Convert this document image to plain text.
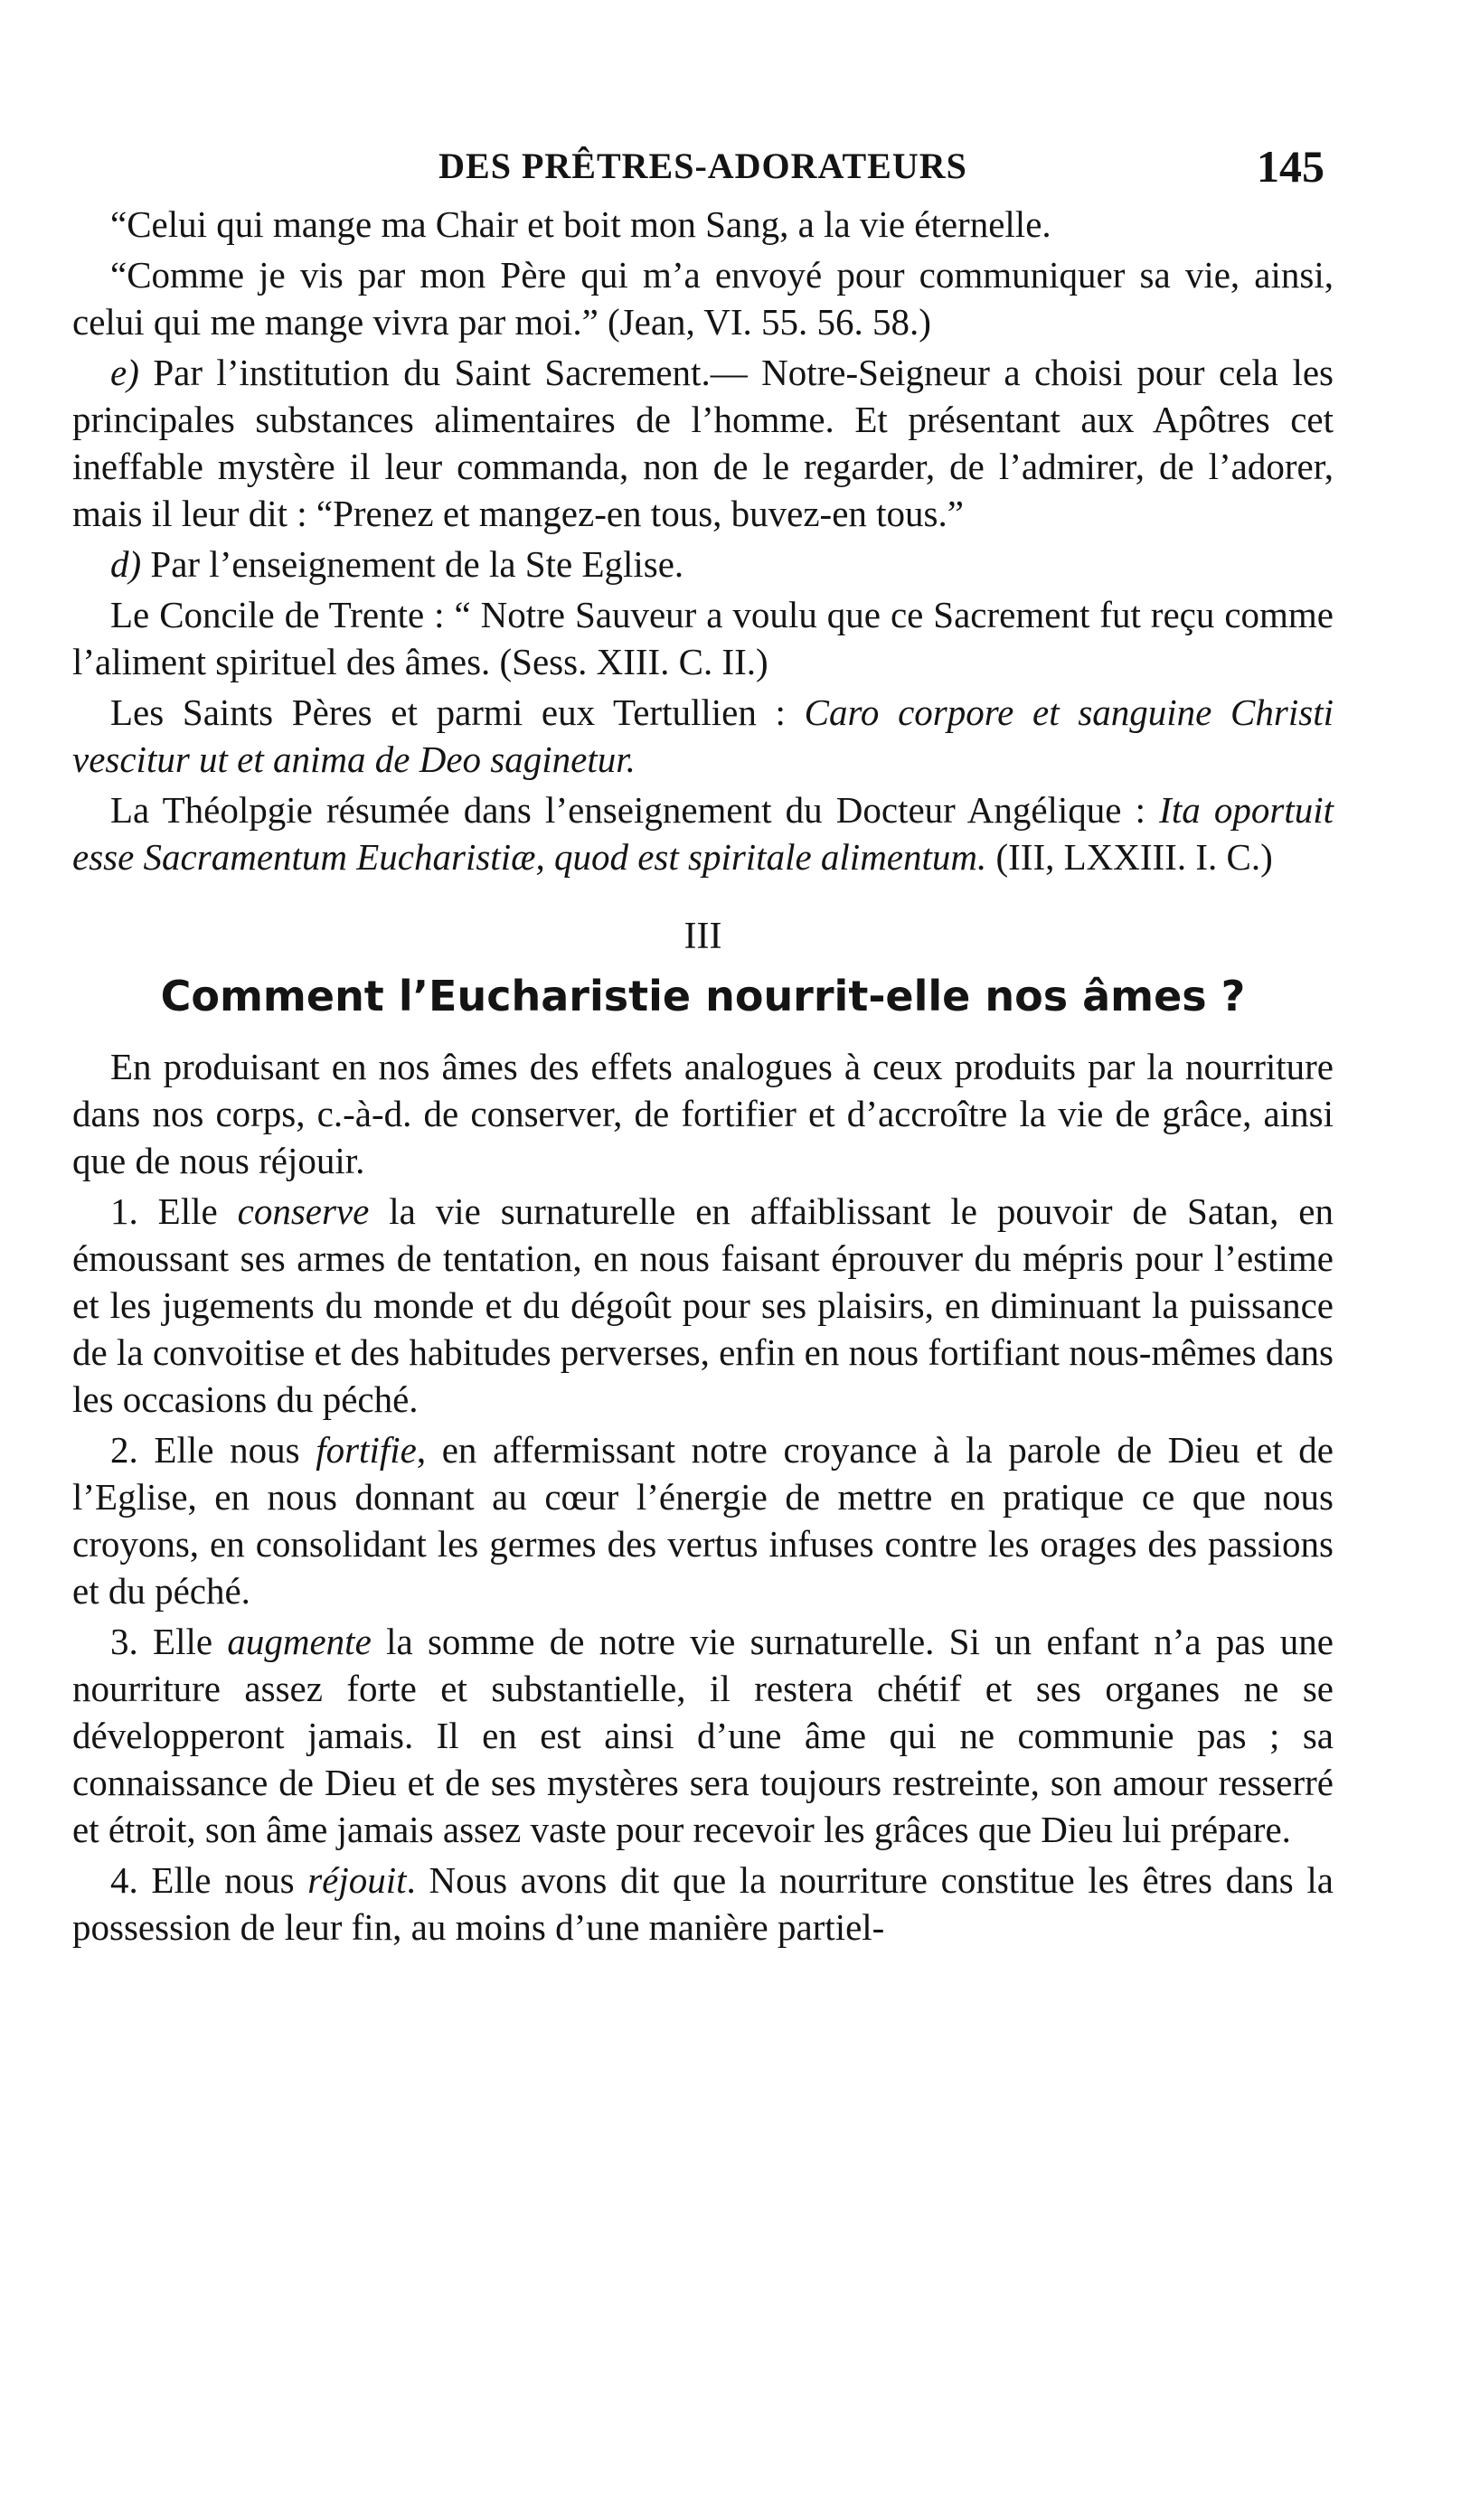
DES PRÊTRES-ADORATEURS	145

“Celui qui mange ma Chair et boit mon Sang, a la vie éternelle.

“Comme je vis par mon Père qui m’a envoyé pour communiquer sa vie, ainsi, celui qui me mange vivra par moi.” (Jean, VI. 55. 56. 58.)

e) Par l’institution du Saint Sacrement.— Notre-Seigneur a choisi pour cela les principales substances alimentaires de l’homme. Et présentant aux Apôtres cet ineffable mystère il leur commanda, non de le regarder, de l’admirer, de l’adorer, mais il leur dit : “Prenez et mangez-en tous, buvez-en tous.”

d) Par l’enseignement de la Ste Eglise.

Le Concile de Trente : “ Notre Sauveur a voulu que ce Sacrement fut reçu comme l’aliment spirituel des âmes. (Sess. XIII. C. II.)

Les Saints Pères et parmi eux Tertullien : Caro corpore et sanguine Christi vescitur ut et anima de Deo saginetur.

La Théolpgie résumée dans l’enseignement du Docteur Angélique : Ita oportuit esse Sacramentum Eucharistiæ, quod est spiritale alimentum. (III, LXXIII. I. C.)

III
Comment l’Eucharistie nourrit-elle nos âmes ?

En produisant en nos âmes des effets analogues à ceux produits par la nourriture dans nos corps, c.-à-d. de conserver, de fortifier et d’accroître la vie de grâce, ainsi que de nous réjouir.

1. Elle conserve la vie surnaturelle en affaiblissant le pouvoir de Satan, en émoussant ses armes de tentation, en nous faisant éprouver du mépris pour l’estime et les jugements du monde et du dégoût pour ses plaisirs, en diminuant la puissance de la convoitise et des habitudes perverses, enfin en nous fortifiant nous-mêmes dans les occasions du péché.

2. Elle nous fortifie, en affermissant notre croyance à la parole de Dieu et de l’Eglise, en nous donnant au cœur l’énergie de mettre en pratique ce que nous croyons, en consolidant les germes des vertus infuses contre les orages des passions et du péché.

3. Elle augmente la somme de notre vie surnaturelle. Si un enfant n’a pas une nourriture assez forte et substantielle, il restera chétif et ses organes ne se développeront jamais. Il en est ainsi d’une âme qui ne communie pas ; sa connaissance de Dieu et de ses mystères sera toujours restreinte, son amour resserré et étroit, son âme jamais assez vaste pour recevoir les grâces que Dieu lui prépare.

4. Elle nous réjouit. Nous avons dit que la nourriture constitue les êtres dans la possession de leur fin, au moins d’une manière partiel-
